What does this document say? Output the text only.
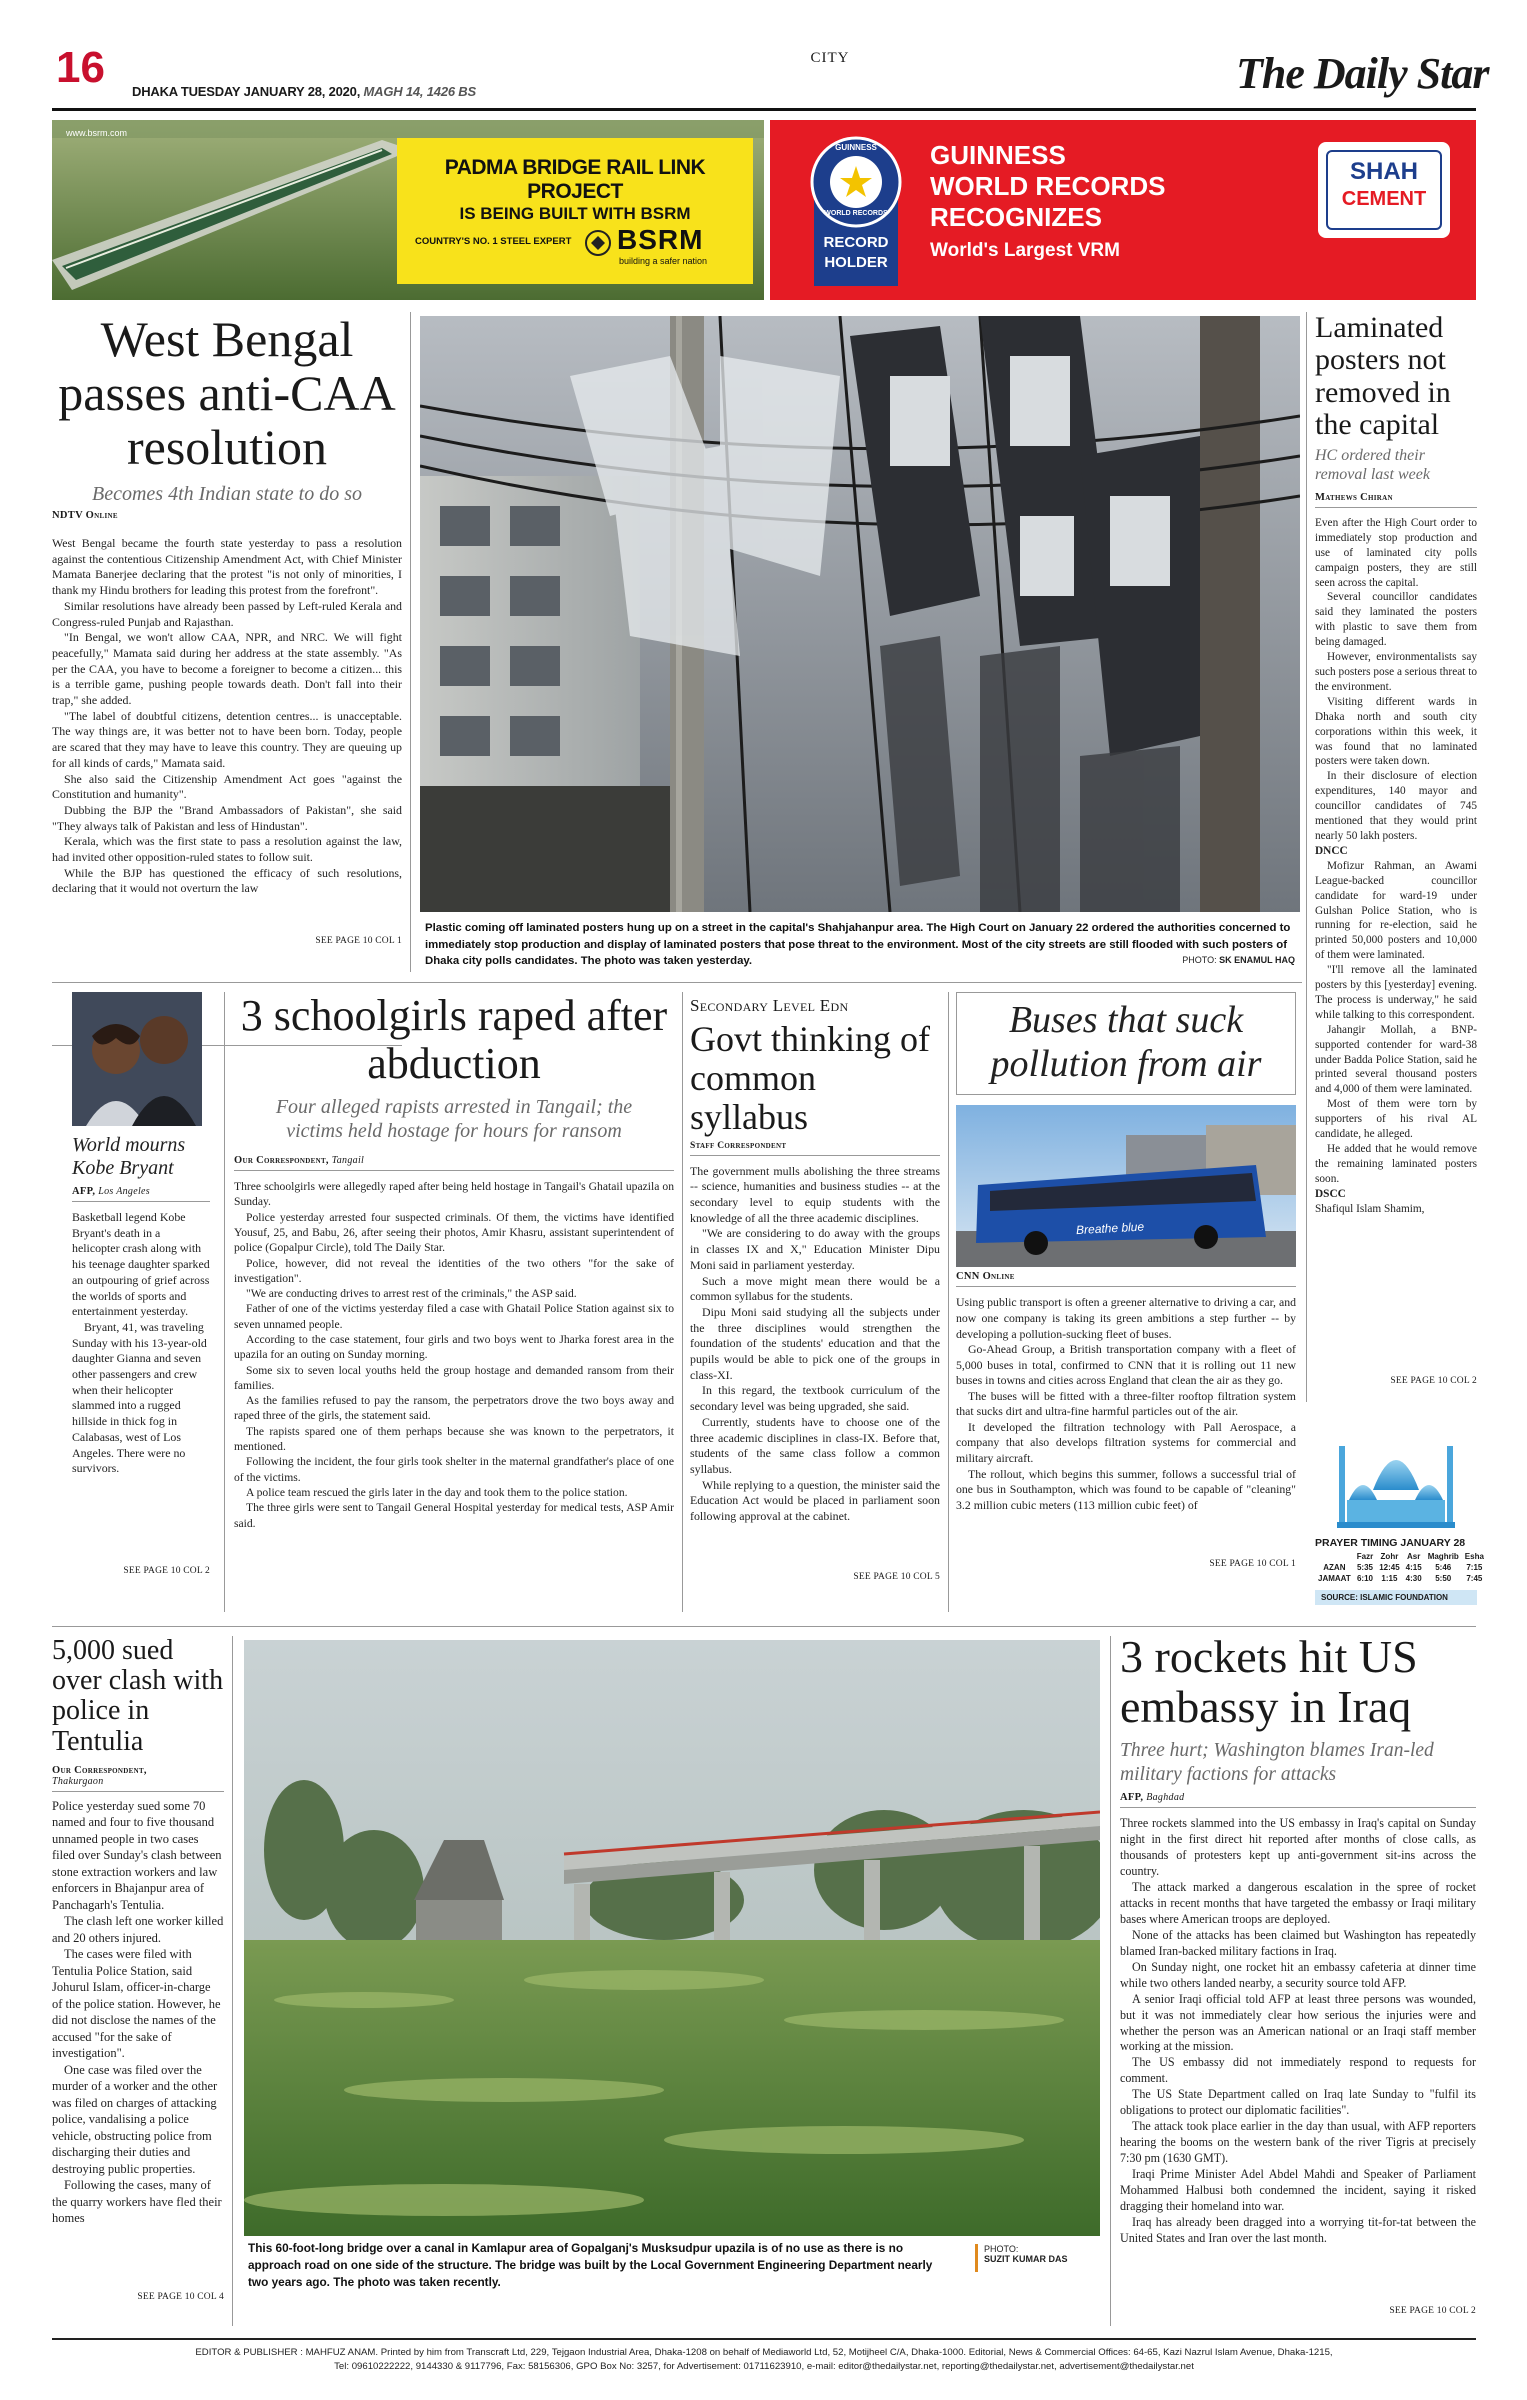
16 DHAKA TUESDAY JANUARY 28, 2020, MAGH 14, 1426 BS
CITY	The Daily Star
www.bsrm.com
PADMA BRIDGE RAIL LINK PROJECT
IS BEING BUILT WITH BSRM
COUNTRY'S NO. 1 STEEL EXPERT BSRM
building a safer nation
GUINNESS
WORLD RECORDS
RECORD
HOLDER
GUINNESS
WORLD RECORDS
RECOGNIZES
World's Largest VRM
SHAH
CEMENT
West Bengal passes anti-CAA resolution
Becomes 4th Indian state to do so
NDTV Online

West Bengal became the fourth state yesterday to pass a resolution against the contentious Citizenship Amendment Act, with Chief Minister Mamata Banerjee declaring that the protest "is not only of minorities, I thank my Hindu brothers for leading this protest from the forefront".

Similar resolutions have already been passed by Left-ruled Kerala and Congress-ruled Punjab and Rajasthan.

"In Bengal, we won't allow CAA, NPR, and NRC. We will fight peacefully," Mamata said during her address at the state assembly. "As per the CAA, you have to become a foreigner to become a citizen... this is a terrible game, pushing people towards death. Don't fall into their trap," she added.

"The label of doubtful citizens, detention centres... is unacceptable. The way things are, it was better not to have been born. Today, people are scared that they may have to leave this country. They are queuing up for all kinds of cards," Mamata said.

She also said the Citizenship Amendment Act goes "against the Constitution and humanity".

Dubbing the BJP the "Brand Ambassadors of Pakistan", she said "They always talk of Pakistan and less of Hindustan".

Kerala, which was the first state to pass a resolution against the law, had invited other opposition-ruled states to follow suit.

While the BJP has questioned the efficacy of such resolutions, declaring that it would not overturn the law

SEE PAGE 10 COL 1
Plastic coming off laminated posters hung up on a street in the capital's Shahjahanpur area. The High Court on January 22 ordered the authorities concerned to immediately stop production and display of laminated posters that pose threat to the environment. Most of the city streets are still flooded with such posters of Dhaka city polls candidates. The photo was taken yesterday.	PHOTO: SK ENAMUL HAQ
Laminated posters not removed in the capital
HC ordered their removal last week
Mathews Chiran

Even after the High Court order to immediately stop production and use of laminated city polls campaign posters, they are still seen across the capital.

Several councillor candidates said they laminated the posters with plastic to save them from being damaged.

However, environmentalists say such posters pose a serious threat to the environment.

Visiting different wards in Dhaka north and south city corporations within this week, it was found that no laminated posters were taken down.

In their disclosure of election expenditures, 140 mayor and councillor candidates of 745 mentioned that they would print nearly 50 lakh posters.

DNCC

Mofizur Rahman, an Awami League-backed councillor candidate for ward-19 under Gulshan Police Station, who is running for re-election, said he printed 50,000 posters and 10,000 of them were laminated.

"I'll remove all the laminated posters by this [yesterday] evening. The process is underway," he said while talking to this correspondent.

Jahangir Mollah, a BNP-supported contender for ward-38 under Badda Police Station, said he printed several thousand posters and 4,000 of them were laminated.

Most of them were torn by supporters of his rival AL candidate, he alleged.

He added that he would remove the remaining laminated posters soon.

DSCC

Shafiqul Islam Shamim,

SEE PAGE 10 COL 2
PRAYER TIMING JANUARY 28
	Fazr	Zohr	Asr	Maghrib	Esha
AZAN	5:35	12:45	4:15	5:46	7:15
JAMAAT	6:10	1:15	4:30	5:50	7:45
SOURCE: ISLAMIC FOUNDATION
World mourns Kobe Bryant
AFP, Los Angeles

Basketball legend Kobe Bryant's death in a helicopter crash along with his teenage daughter sparked an outpouring of grief across the worlds of sports and entertainment yesterday.

Bryant, 41, was traveling Sunday with his 13-year-old daughter Gianna and seven other passengers and crew when their helicopter slammed into a rugged hillside in thick fog in Calabasas, west of Los Angeles. There were no survivors.

SEE PAGE 10 COL 2
3 schoolgirls raped after abduction
Four alleged rapists arrested in Tangail; the victims held hostage for hours for ransom
Our Correspondent, Tangail

Three schoolgirls were allegedly raped after being held hostage in Tangail's Ghatail upazila on Sunday.

Police yesterday arrested four suspected criminals. Of them, the victims have identified Yousuf, 25, and Babu, 26, after seeing their photos, Amir Khasru, assistant superintendent of police (Gopalpur Circle), told The Daily Star.

Police, however, did not reveal the identities of the two others "for the sake of investigation".

"We are conducting drives to arrest rest of the criminals," the ASP said.

Father of one of the victims yesterday filed a case with Ghatail Police Station against six to seven unnamed people.

According to the case statement, four girls and two boys went to Jharka forest area in the upazila for an outing on Sunday morning.

Some six to seven local youths held the group hostage and demanded ransom from their families.

As the families refused to pay the ransom, the perpetrators drove the two boys away and raped three of the girls, the statement said.

The rapists spared one of them perhaps because she was known to the perpetrators, it mentioned.

Following the incident, the four girls took shelter in the maternal grandfather's place of one of the victims.

A police team rescued the girls later in the day and took them to the police station.

The three girls were sent to Tangail General Hospital yesterday for medical tests, ASP Amir said.

Secondary Level Edn
Govt thinking of common syllabus
Staff Correspondent

The government mulls abolishing the three streams -- science, humanities and business studies -- at the secondary level to equip students with the knowledge of all the three academic disciplines.

"We are considering to do away with the groups in classes IX and X," Education Minister Dipu Moni said in parliament yesterday.

Such a move might mean there would be a common syllabus for the students.

Dipu Moni said studying all the subjects under the three disciplines would strengthen the foundation of the students' education and that the pupils would be able to pick one of the groups in class-XI.

In this regard, the textbook curriculum of the secondary level was being upgraded, she said.

Currently, students have to choose one of the three academic disciplines in class-IX. Before that, students of the same class follow a common syllabus.

While replying to a question, the minister said the Education Act would be placed in parliament soon following approval at the cabinet.

SEE PAGE 10 COL 5
Buses that suck pollution from air
Breathe blue
CNN Online

Using public transport is often a greener alternative to driving a car, and now one company is taking its green ambitions a step further -- by developing a pollution-sucking fleet of buses.

Go-Ahead Group, a British transportation company with a fleet of 5,000 buses in total, confirmed to CNN that it is rolling out 11 new buses in towns and cities across England that clean the air as they go.

The buses will be fitted with a three-filter rooftop filtration system that sucks dirt and ultra-fine harmful particles out of the air.

It developed the filtration technology with Pall Aerospace, a company that also develops filtration systems for commercial and military aircraft.

The rollout, which begins this summer, follows a successful trial of one bus in Southampton, which was found to be capable of "cleaning" 3.2 million cubic meters (113 million cubic feet) of

SEE PAGE 10 COL 1
5,000 sued over clash with police in Tentulia
Our Correspondent,
Thakurgaon

Police yesterday sued some 70 named and four to five thousand unnamed people in two cases filed over Sunday's clash between stone extraction workers and law enforcers in Bhajanpur area of Panchagarh's Tentulia.

The clash left one worker killed and 20 others injured.

The cases were filed with Tentulia Police Station, said Johurul Islam, officer-in-charge of the police station. However, he did not disclose the names of the accused "for the sake of investigation".

One case was filed over the murder of a worker and the other was filed on charges of attacking police, vandalising a police vehicle, obstructing police from discharging their duties and destroying public properties.

Following the cases, many of the quarry workers have fled their homes

SEE PAGE 10 COL 4
This 60-foot-long bridge over a canal in Kamlapur area of Gopalganj's Musksudpur upazila is of no use as there is no approach road on one side of the structure. The bridge was built by the Local Government Engineering Department nearly two years ago. The photo was taken recently.
PHOTO:
SUZIT KUMAR DAS
3 rockets hit US embassy in Iraq
Three hurt; Washington blames Iran-led military factions for attacks
AFP, Baghdad

Three rockets slammed into the US embassy in Iraq's capital on Sunday night in the first direct hit reported after months of close calls, as thousands of protesters kept up anti-government sit-ins across the country.

The attack marked a dangerous escalation in the spree of rocket attacks in recent months that have targeted the embassy or Iraqi military bases where American troops are deployed.

None of the attacks has been claimed but Washington has repeatedly blamed Iran-backed military factions in Iraq.

On Sunday night, one rocket hit an embassy cafeteria at dinner time while two others landed nearby, a security source told AFP.

A senior Iraqi official told AFP at least three persons was wounded, but it was not immediately clear how serious the injuries were and whether the person was an American national or an Iraqi staff member working at the mission.

The US embassy did not immediately respond to requests for comment.

The US State Department called on Iraq late Sunday to "fulfil its obligations to protect our diplomatic facilities".

The attack took place earlier in the day than usual, with AFP reporters hearing the booms on the western bank of the river Tigris at precisely 7:30 pm (1630 GMT).

Iraqi Prime Minister Adel Abdel Mahdi and Speaker of Parliament Mohammed Halbusi both condemned the incident, saying it risked dragging their homeland into war.

Iraq has already been dragged into a worrying tit-for-tat between the United States and Iran over the last month.

SEE PAGE 10 COL 2
EDITOR & PUBLISHER : MAHFUZ ANAM. Printed by him from Transcraft Ltd, 229, Tejgaon Industrial Area, Dhaka-1208 on behalf of Mediaworld Ltd, 52, Motijheel C/A, Dhaka-1000. Editorial, News & Commercial Offices: 64-65, Kazi Nazrul Islam Avenue, Dhaka-1215,
Tel: 09610222222, 9144330 & 9117796, Fax: 58156306, GPO Box No: 3257, for Advertisement: 01711623910, e-mail: editor@thedailystar.net, reporting@thedailystar.net, advertisement@thedailystar.net
